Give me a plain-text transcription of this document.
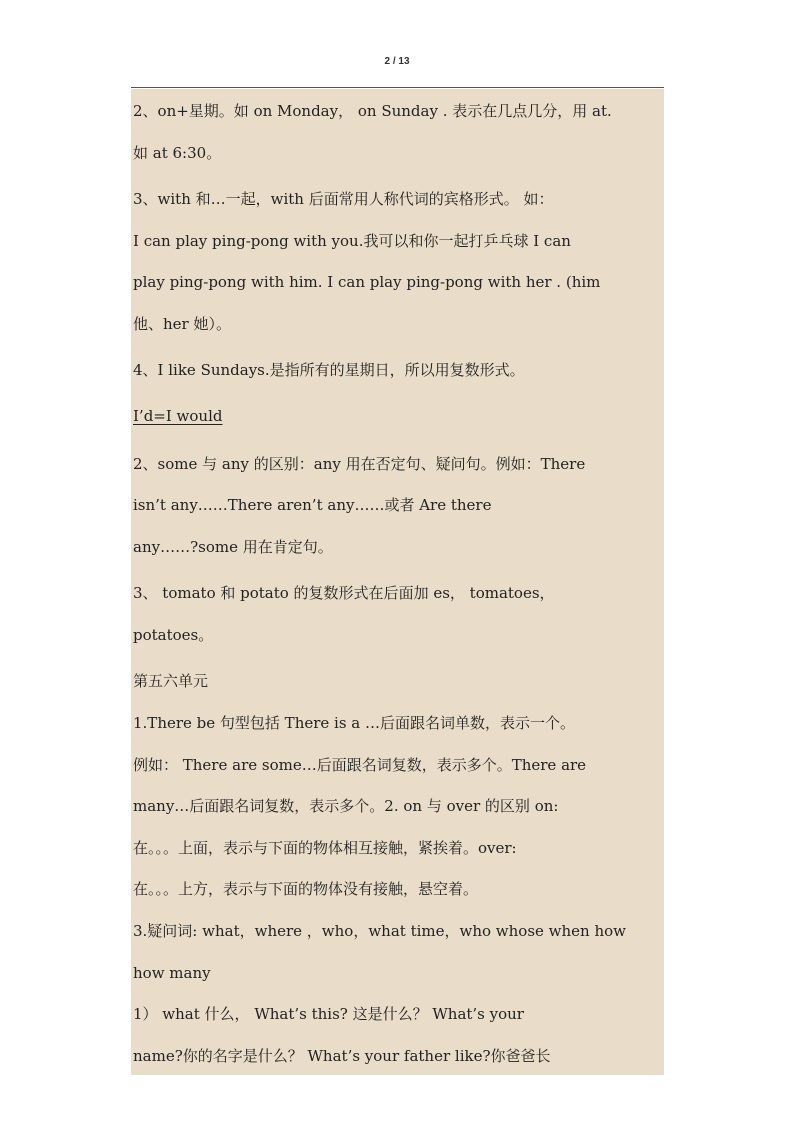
2 / 13
2、on+星期。如 on Monday， on Sunday . 表示在几点几分，用 at.
如 at 6:30。
3、with 和…一起，with 后面常用人称代词的宾格形式。 如：
I can play ping-pong with you.我可以和你一起打乒乓球 I can
play ping-pong with him. I can play ping-pong with her . (him
他、her 她）。
4、I like Sundays.是指所有的星期日，所以用复数形式。
I’d=I would
2、some 与 any 的区别：any 用在否定句、疑问句。例如：There
isn’t any……There aren’t any……或者 Are there
any……?some 用在肯定句。
3、 tomato 和 potato 的复数形式在后面加 es， tomatoes，
potatoes。
第五六单元
1.There be 句型包括 There is a …后面跟名词单数，表示一个。
例如： There are some…后面跟名词复数，表示多个。There are
many…后面跟名词复数，表示多个。2. on 与 over 的区别 on:
在。。。上面，表示与下面的物体相互接触，紧挨着。over:
在。。。上方，表示与下面的物体没有接触，悬空着。
3.疑问词: what，where ，who，what time，who whose when how
how many
1） what 什么， What’s this? 这是什么？ What’s your
name?你的名字是什么？ What’s your father like?你爸爸长
